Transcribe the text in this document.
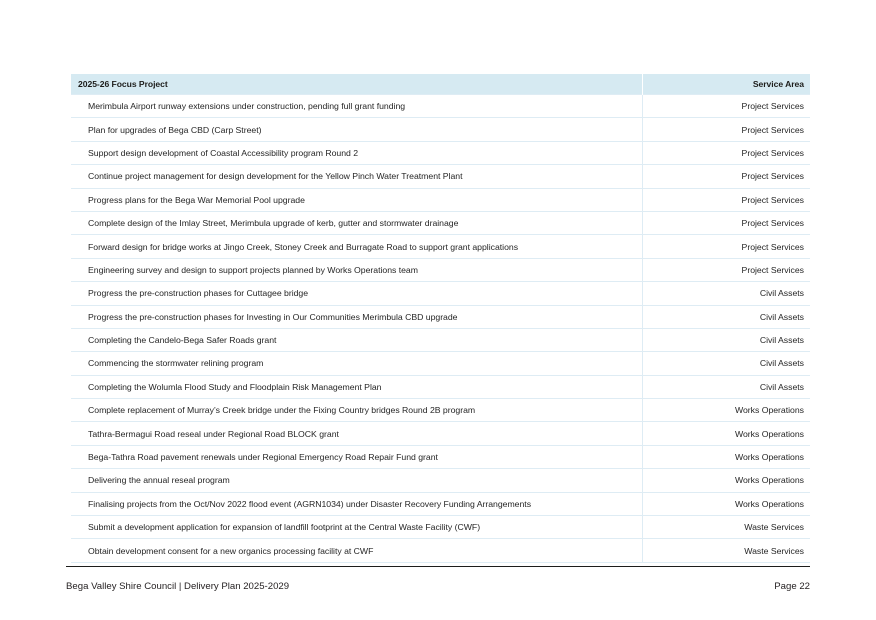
2025-26 Focus Project	Service Area
Merimbula Airport runway extensions under construction, pending full grant funding	Project Services
Plan for upgrades of Bega CBD (Carp Street)	Project Services
Support design development of Coastal Accessibility program Round 2	Project Services
Continue project management for design development for the Yellow Pinch Water Treatment Plant	Project Services
Progress plans for the Bega War Memorial Pool upgrade	Project Services
Complete design of the Imlay Street, Merimbula upgrade of kerb, gutter and stormwater drainage	Project Services
Forward design for bridge works at Jingo Creek, Stoney Creek and Burragate Road to support grant applications	Project Services
Engineering survey and design to support projects planned by Works Operations team	Project Services
Progress the pre-construction phases for Cuttagee bridge	Civil Assets
Progress the pre-construction phases for Investing in Our Communities Merimbula CBD upgrade	Civil Assets
Completing the Candelo-Bega Safer Roads grant	Civil Assets
Commencing the stormwater relining program	Civil Assets
Completing the Wolumla Flood Study and Floodplain Risk Management Plan	Civil Assets
Complete replacement of Murray’s Creek bridge under the Fixing Country bridges Round 2B program	Works Operations
Tathra-Bermagui Road reseal under Regional Road BLOCK grant	Works Operations
Bega-Tathra Road pavement renewals under Regional Emergency Road Repair Fund grant	Works Operations
Delivering the annual reseal program	Works Operations
Finalising projects from the Oct/Nov 2022 flood event (AGRN1034) under Disaster Recovery Funding Arrangements	Works Operations
Submit a development application for expansion of landfill footprint at the Central Waste Facility (CWF)	Waste Services
Obtain development consent for a new organics processing facility at CWF	Waste Services
Bega Valley Shire Council | Delivery Plan 2025-2029	Page 22
